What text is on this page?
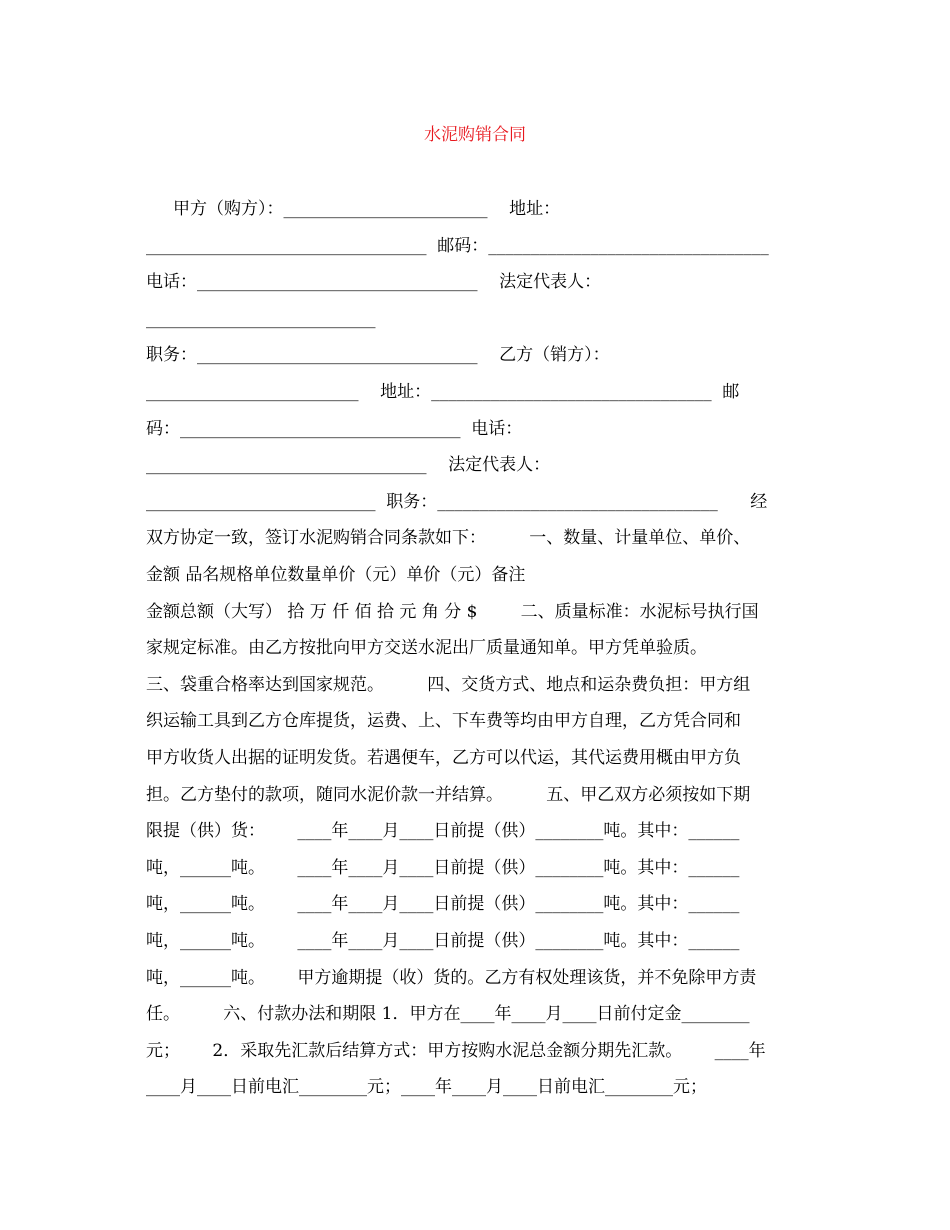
水泥购销合同
甲方（购方）：________________________    地址：
_________________________________  邮码：_________________________________
电话：_________________________________    法定代表人：
___________________________
职务：_________________________________    乙方（销方）：
_________________________    地址：_________________________________  邮
码：_________________________________  电话：
_________________________________    法定代表人：
___________________________  职务：_________________________________      经
双方协定一致，签订水泥购销合同条款如下：        一、数量、计量单位、单价、
金额 品名规格单位数量单价（元）单价（元）备注
金额总额（大写） 拾 万 仟 佰 拾 元 角 分 $        二、质量标准：水泥标号执行国
家规定标准。由乙方按批向甲方交送水泥出厂质量通知单。甲方凭单验质。
三、袋重合格率达到国家规范。        四、交货方式、地点和运杂费负担：甲方组
织运输工具到乙方仓库提货，运费、上、下车费等均由甲方自理，乙方凭合同和
甲方收货人出据的证明发货。若遇便车，乙方可以代运，其代运费用概由甲方负
担。乙方垫付的款项，随同水泥价款一并结算。        五、甲乙双方必须按如下期
限提（供）货：      ____年____月____日前提（供）________吨。其中：______
吨，______吨。      ____年____月____日前提（供）________吨。其中：______
吨，______吨。      ____年____月____日前提（供）________吨。其中：______
吨，______吨。      ____年____月____日前提（供）________吨。其中：______
吨，______吨。      甲方逾期提（收）货的。乙方有权处理该货，并不免除甲方责
任。        六、付款办法和期限 1．甲方在____年____月____日前付定金________
元；      2．采取先汇款后结算方式：甲方按购水泥总金额分期先汇款。      ____年
____月____日前电汇________元；____年____月____日前电汇________元；
